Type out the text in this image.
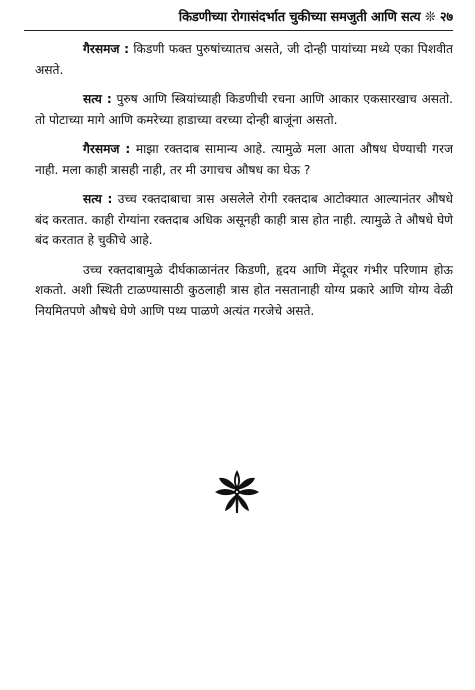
किडणीच्या रोगासंदर्भात चुकीच्या समजुती आणि सत्य ❊ २७

गैरसमज : किडणी फक्त पुरुषांच्यातच असते, जी दोन्ही पायांच्या मध्ये एका पिशवीत असते.

सत्य : पुरुष आणि स्त्रियांच्याही किडणीची रचना आणि आकार एकसारखाच असतो. तो पोटाच्या मागे आणि कमरेच्या हाडाच्या वरच्या दोन्ही बाजूंना असतो.

गैरसमज : माझा रक्तदाब सामान्य आहे. त्यामुळे मला आता औषध घेण्याची गरज नाही. मला काही त्रासही नाही, तर मी उगाचच औषध का घेऊ ?

सत्य : उच्च रक्तदाबाचा त्रास असलेले रोगी रक्तदाब आटोक्यात आल्यानंतर औषधे बंद करतात. काही रोग्यांना रक्तदाब अधिक असूनही काही त्रास होत नाही. त्यामुळे ते औषधे घेणे बंद करतात हे चुकीचे आहे.

उच्च रक्तदाबामुळे दीर्घकाळानंतर किडणी, हृदय आणि मेंदूवर गंभीर परिणाम होऊ शकतो. अशी स्थिती टाळण्यासाठी कुठलाही त्रास होत नसतानाही योग्य प्रकारे आणि योग्य वेळी नियमितपणे औषधे घेणे आणि पथ्य पाळणे अत्यंत गरजेचे असते.
